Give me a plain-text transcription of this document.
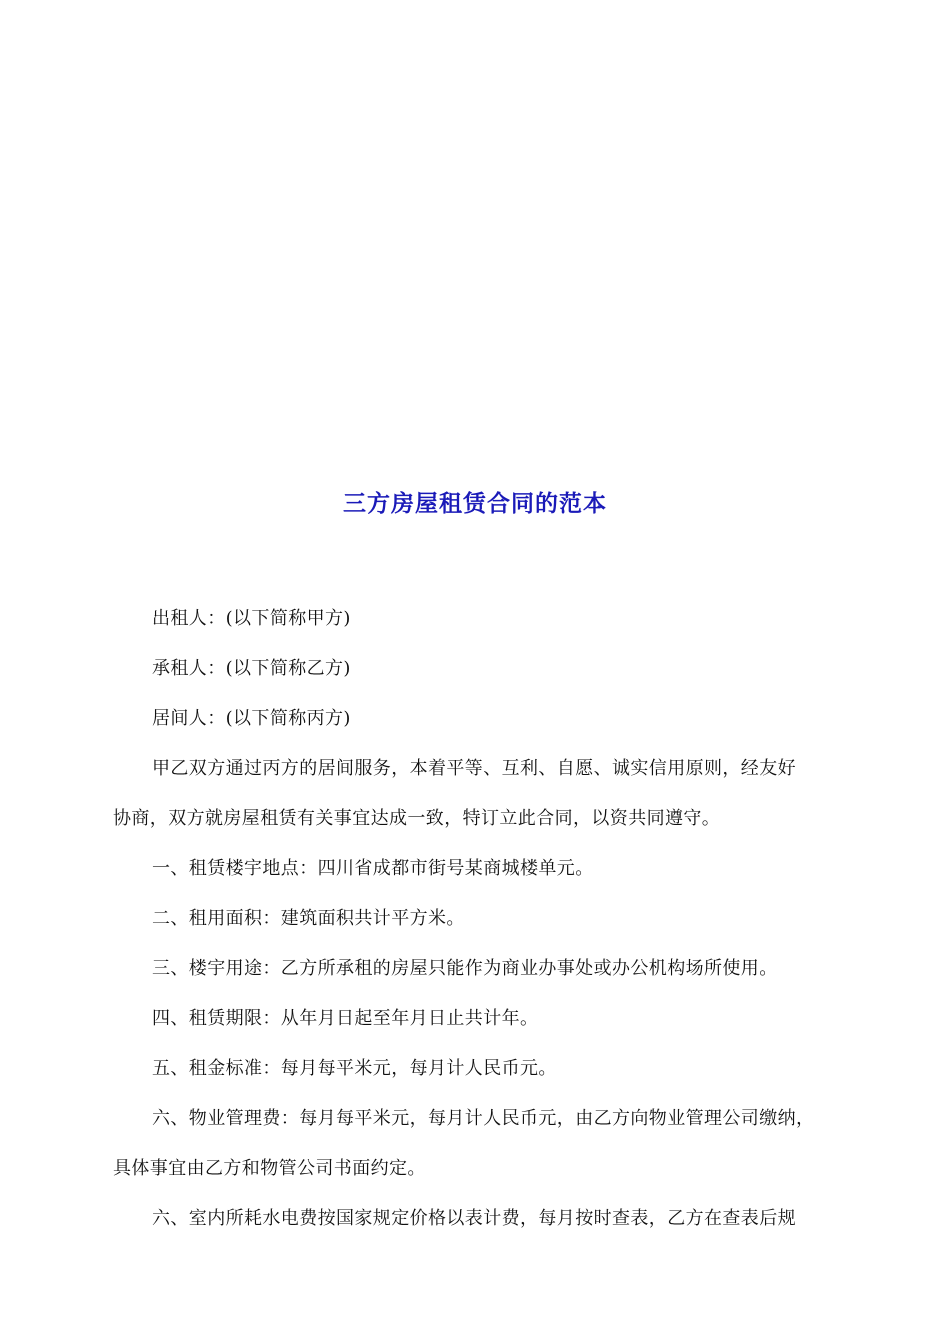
三方房屋租赁合同的范本
出租人：(以下简称甲方)
承租人：(以下简称乙方)
居间人：(以下简称丙方)
甲乙双方通过丙方的居间服务，本着平等、互利、自愿、诚实信用原则，经友好
协商，双方就房屋租赁有关事宜达成一致，特订立此合同，以资共同遵守。
一、租赁楼宇地点：四川省成都市街号某商城楼单元。
二、租用面积：建筑面积共计平方米。
三、楼宇用途：乙方所承租的房屋只能作为商业办事处或办公机构场所使用。
四、租赁期限：从年月日起至年月日止共计年。
五、租金标准：每月每平米元，每月计人民币元。
六、物业管理费：每月每平米元，每月计人民币元，由乙方向物业管理公司缴纳，
具体事宜由乙方和物管公司书面约定。
六、室内所耗水电费按国家规定价格以表计费，每月按时查表，乙方在查表后规
